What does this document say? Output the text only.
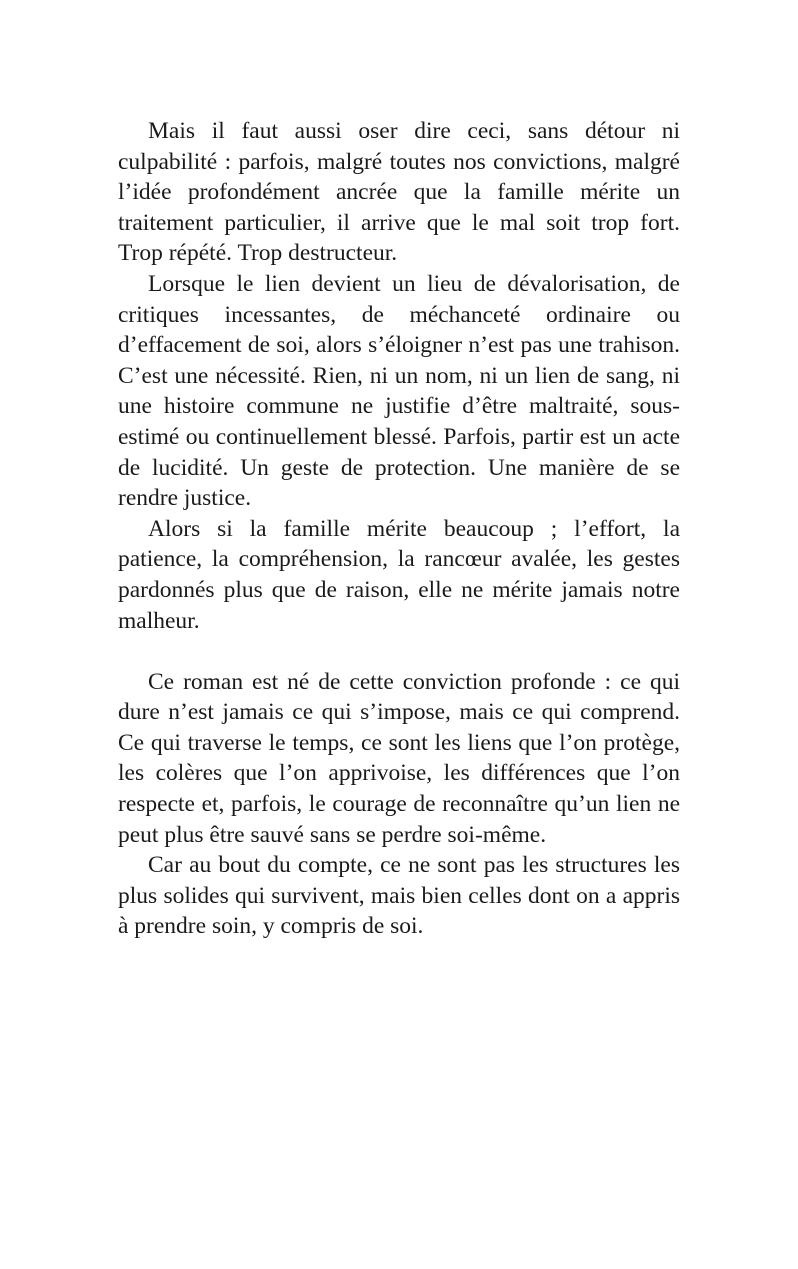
Mais il faut aussi oser dire ceci, sans détour ni culpabilité : parfois, malgré toutes nos convictions, malgré l’idée profondément ancrée que la famille mérite un traitement particulier, il arrive que le mal soit trop fort. Trop répété. Trop destructeur.

Lorsque le lien devient un lieu de dévalorisation, de critiques incessantes, de méchanceté ordinaire ou d’effacement de soi, alors s’éloigner n’est pas une trahison. C’est une nécessité. Rien, ni un nom, ni un lien de sang, ni une histoire commune ne justifie d’être maltraité, sous-estimé ou continuellement blessé. Parfois, partir est un acte de lucidité. Un geste de protection. Une manière de se rendre justice.

Alors si la famille mérite beaucoup ; l’effort, la patience, la compréhension, la rancœur avalée, les gestes pardonnés plus que de raison, elle ne mérite jamais notre malheur.

Ce roman est né de cette conviction profonde : ce qui dure n’est jamais ce qui s’impose, mais ce qui comprend. Ce qui traverse le temps, ce sont les liens que l’on protège, les colères que l’on apprivoise, les différences que l’on respecte et, parfois, le courage de reconnaître qu’un lien ne peut plus être sauvé sans se perdre soi-même.

Car au bout du compte, ce ne sont pas les structures les plus solides qui survivent, mais bien celles dont on a appris à prendre soin, y compris de soi.
